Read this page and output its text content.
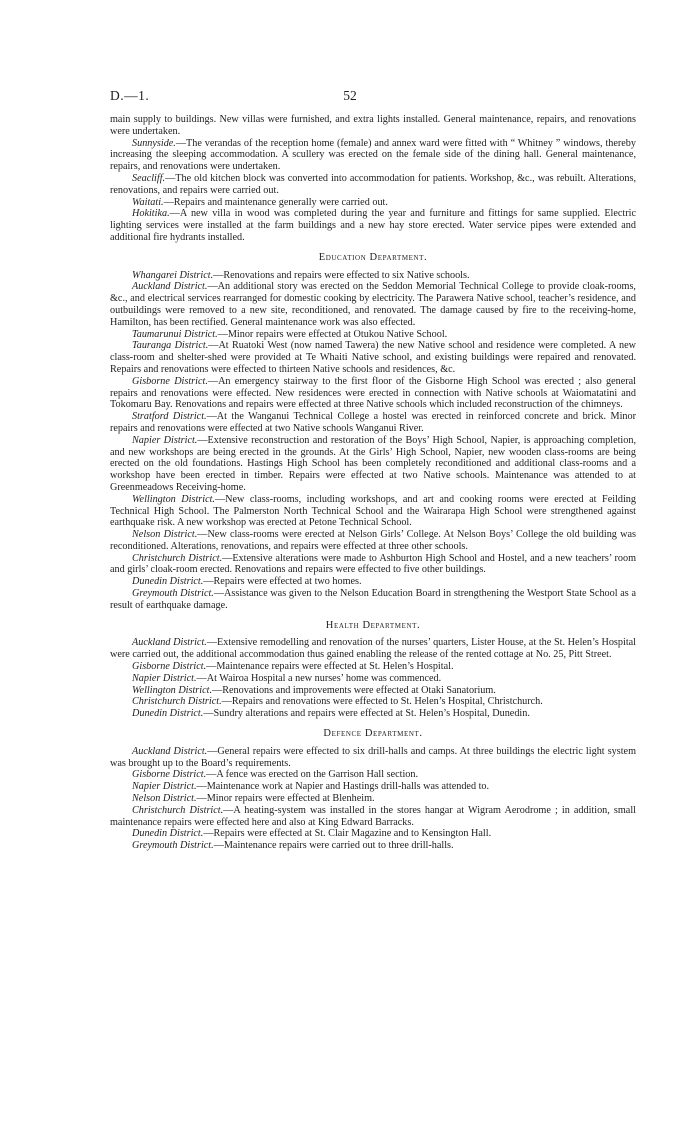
D.—1.	52

main supply to buildings. New villas were furnished, and extra lights installed. General maintenance, repairs, and renovations were undertaken.

Sunnyside.—The verandas of the reception home (female) and annex ward were fitted with “ Whitney ” windows, thereby increasing the sleeping accommodation. A scullery was erected on the female side of the dining hall. General maintenance, repairs, and renovations were undertaken.

Seacliff.—The old kitchen block was converted into accommodation for patients. Workshop, &c., was rebuilt. Alterations, renovations, and repairs were carried out.

Waitati.—Repairs and maintenance generally were carried out.

Hokitika.—A new villa in wood was completed during the year and furniture and fittings for same supplied. Electric lighting services were installed at the farm buildings and a new hay store erected. Water service pipes were extended and additional fire hydrants installed.

Education Department.

Whangarei District.—Renovations and repairs were effected to six Native schools.

Auckland District.—An additional story was erected on the Seddon Memorial Technical College to provide cloak-rooms, &c., and electrical services rearranged for domestic cooking by electricity. The Parawera Native school, teacher’s residence, and outbuildings were removed to a new site, reconditioned, and renovated. The damage caused by fire to the receiving-home, Hamilton, has been rectified. General maintenance work was also effected.

Taumarunui District.—Minor repairs were effected at Otukou Native School.

Tauranga District.—At Ruatoki West (now named Tawera) the new Native school and residence were completed. A new class-room and shelter-shed were provided at Te Whaiti Native school, and existing buildings were repaired and renovated. Repairs and renovations were effected to thirteen Native schools and residences, &c.

Gisborne District.—An emergency stairway to the first floor of the Gisborne High School was erected ; also general repairs and renovations were effected. New residences were erected in connection with Native schools at Waiomatatini and Tokomaru Bay. Renovations and repairs were effected at three Native schools which included reconstruction of the chimneys.

Stratford District.—At the Wanganui Technical College a hostel was erected in reinforced concrete and brick. Minor repairs and renovations were effected at two Native schools Wanganui River.

Napier District.—Extensive reconstruction and restoration of the Boys’ High School, Napier, is approaching completion, and new workshops are being erected in the grounds. At the Girls’ High School, Napier, new wooden class-rooms are being erected on the old foundations. Hastings High School has been completely reconditioned and additional class-rooms and a workshop have been erected in timber. Repairs were effected at two Native schools. Maintenance was attended to at Greenmeadows Receiving-home.

Wellington District.—New class-rooms, including workshops, and art and cooking rooms were erected at Feilding Technical High School. The Palmerston North Technical School and the Wairarapa High School were strengthened against earthquake risk. A new workshop was erected at Petone Technical School.

Nelson District.—New class-rooms were erected at Nelson Girls’ College. At Nelson Boys’ College the old building was reconditioned. Alterations, renovations, and repairs were effected at three other schools.

Christchurch District.—Extensive alterations were made to Ashburton High School and Hostel, and a new teachers’ room and girls’ cloak-room erected. Renovations and repairs were effected to five other buildings.

Dunedin District.—Repairs were effected at two homes.

Greymouth District.—Assistance was given to the Nelson Education Board in strengthening the Westport State School as a result of earthquake damage.

Health Department.

Auckland District.—Extensive remodelling and renovation of the nurses’ quarters, Lister House, at the St. Helen’s Hospital were carried out, the additional accommodation thus gained enabling the release of the rented cottage at No. 25, Pitt Street.

Gisborne District.—Maintenance repairs were effected at St. Helen’s Hospital.

Napier District.—At Wairoa Hospital a new nurses’ home was commenced.

Wellington District.—Renovations and improvements were effected at Otaki Sanatorium.

Christchurch District.—Repairs and renovations were effected to St. Helen’s Hospital, Christchurch.

Dunedin District.—Sundry alterations and repairs were effected at St. Helen’s Hospital, Dunedin.

Defence Department.

Auckland District.—General repairs were effected to six drill-halls and camps. At three buildings the electric light system was brought up to the Board’s requirements.

Gisborne District.—A fence was erected on the Garrison Hall section.

Napier District.—Maintenance work at Napier and Hastings drill-halls was attended to.

Nelson District.—Minor repairs were effected at Blenheim.

Christchurch District.—A heating-system was installed in the stores hangar at Wigram Aerodrome ; in addition, small maintenance repairs were effected here and also at King Edward Barracks.

Dunedin District.—Repairs were effected at St. Clair Magazine and to Kensington Hall.

Greymouth District.—Maintenance repairs were carried out to three drill-halls.
